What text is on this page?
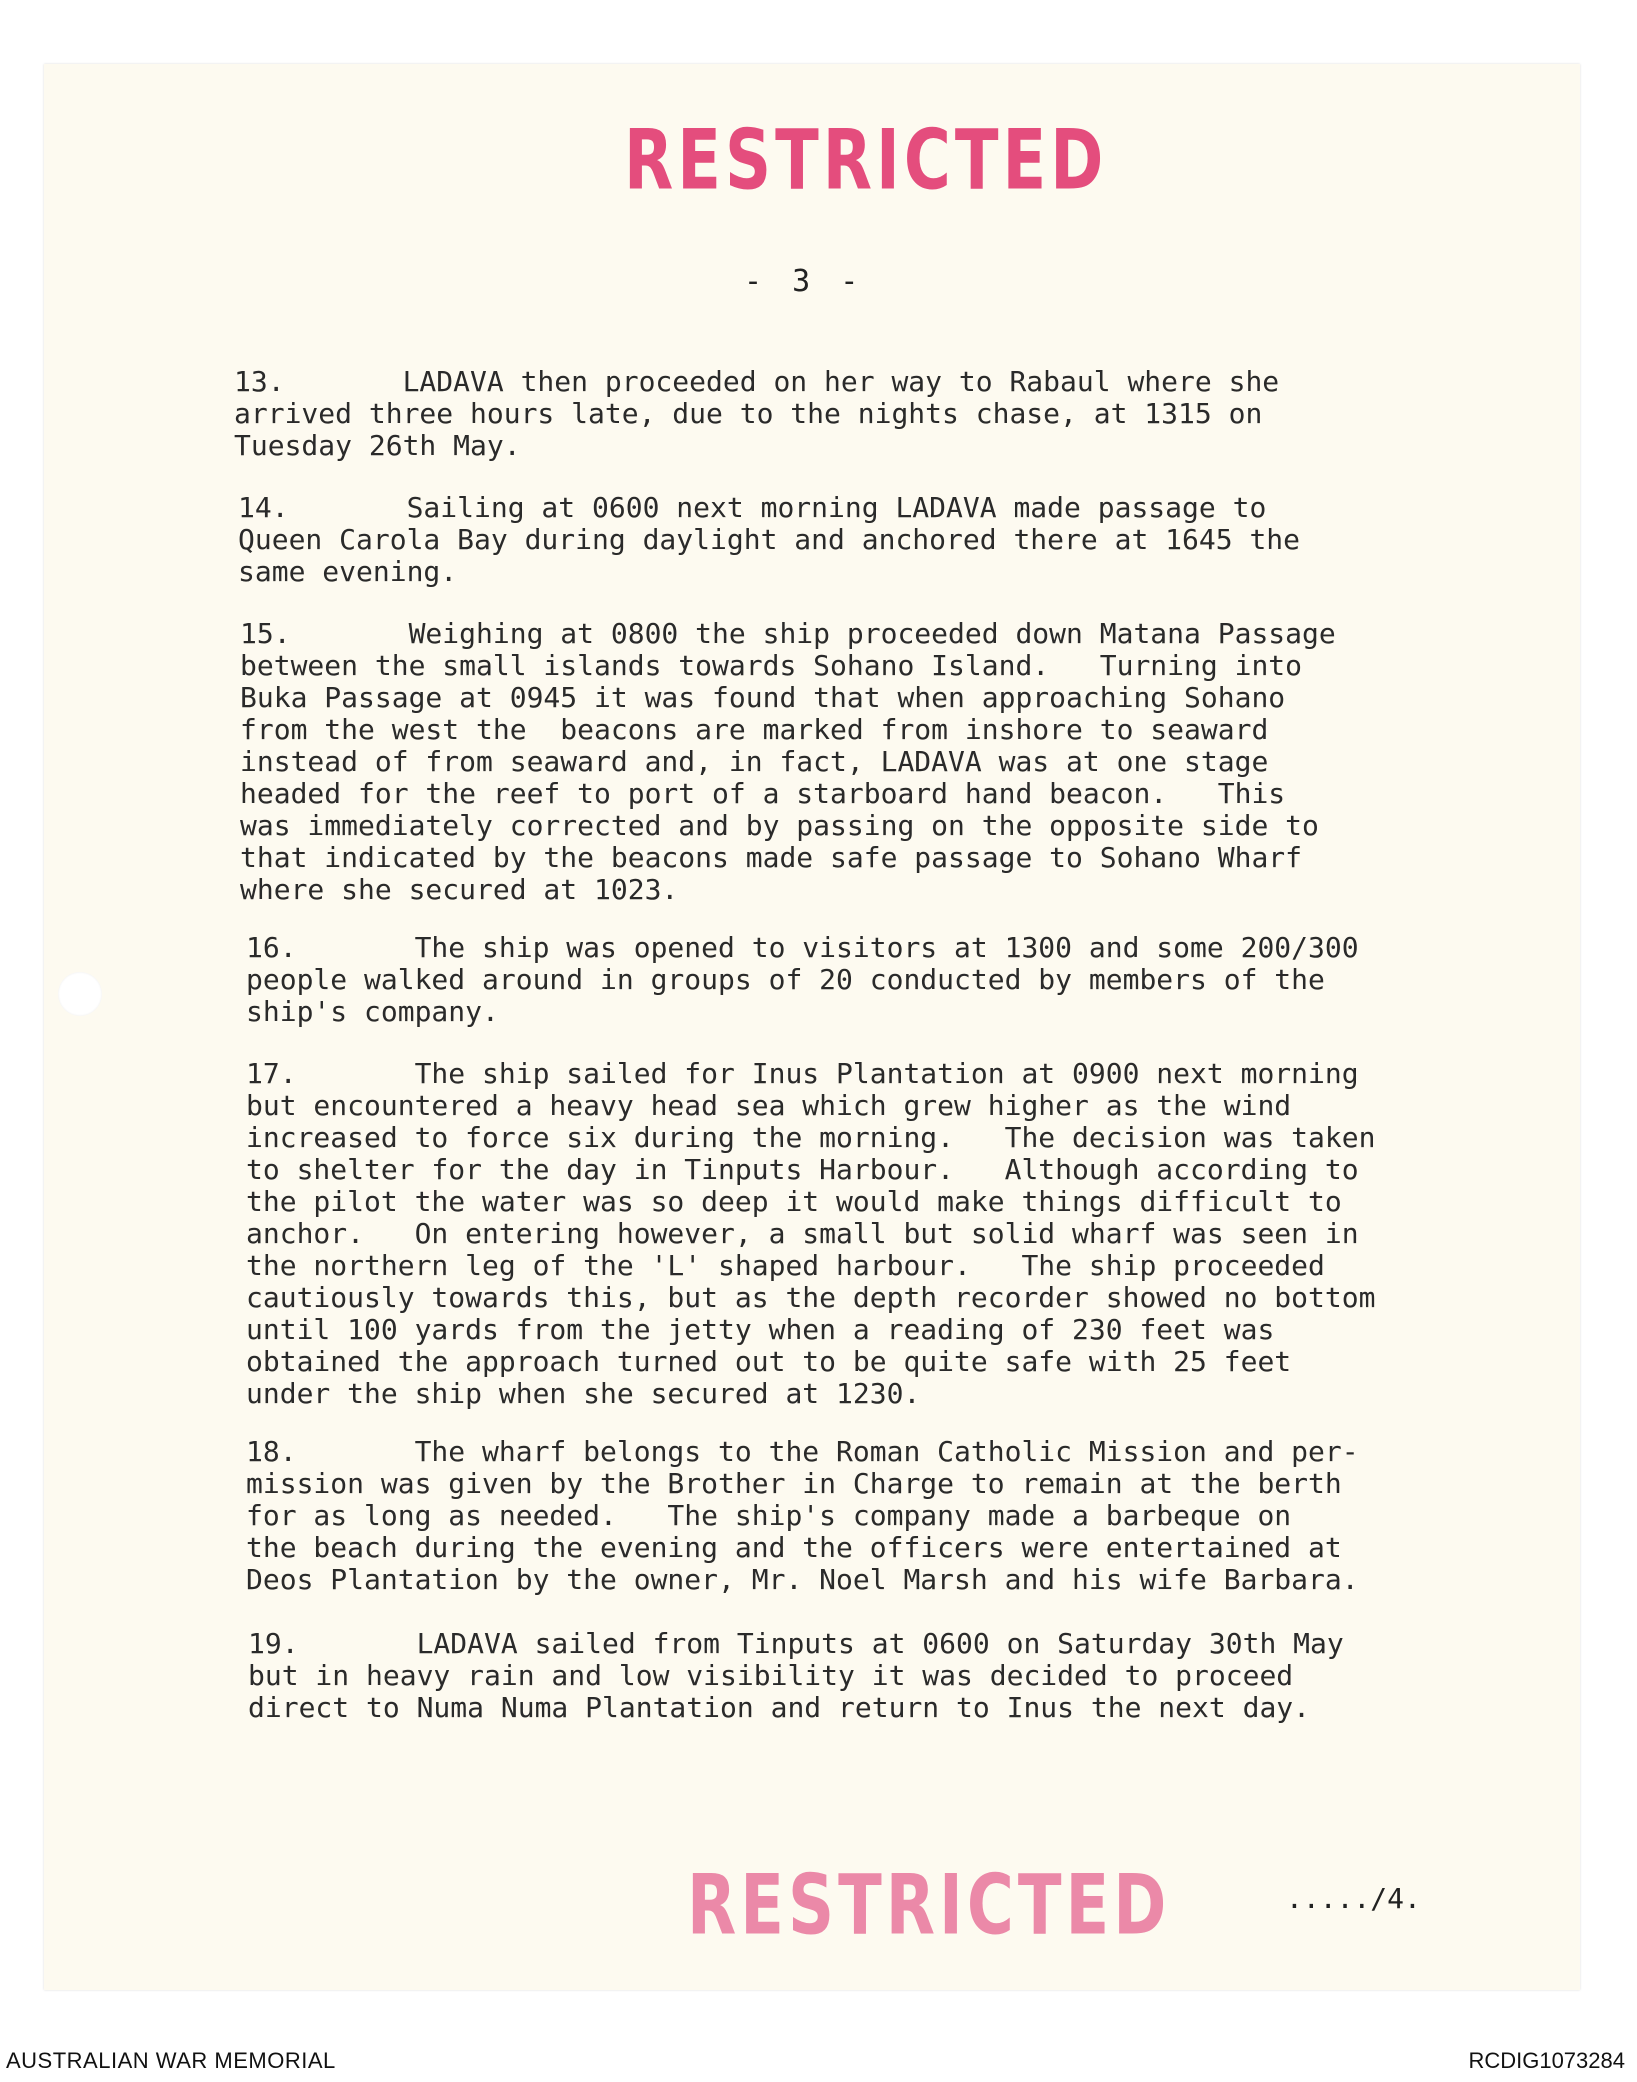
RESTRICTED
- 3 -

13.       LADAVA then proceeded on her way to Rabaul where she
arrived three hours late, due to the nights chase, at 1315 on
Tuesday 26th May.

14.       Sailing at 0600 next morning LADAVA made passage to
Queen Carola Bay during daylight and anchored there at 1645 the
same evening.

15.       Weighing at 0800 the ship proceeded down Matana Passage
between the small islands towards Sohano Island.   Turning into
Buka Passage at 0945 it was found that when approaching Sohano
from the west the  beacons are marked from inshore to seaward
instead of from seaward and, in fact, LADAVA was at one stage
headed for the reef to port of a starboard hand beacon.   This
was immediately corrected and by passing on the opposite side to
that indicated by the beacons made safe passage to Sohano Wharf
where she secured at 1023.

16.       The ship was opened to visitors at 1300 and some 200/300
people walked around in groups of 20 conducted by members of the
ship's company.

17.       The ship sailed for Inus Plantation at 0900 next morning
but encountered a heavy head sea which grew higher as the wind
increased to force six during the morning.   The decision was taken
to shelter for the day in Tinputs Harbour.   Although according to
the pilot the water was so deep it would make things difficult to
anchor.   On entering however, a small but solid wharf was seen in
the northern leg of the 'L' shaped harbour.   The ship proceeded
cautiously towards this, but as the depth recorder showed no bottom
until 100 yards from the jetty when a reading of 230 feet was
obtained the approach turned out to be quite safe with 25 feet
under the ship when she secured at 1230.

18.       The wharf belongs to the Roman Catholic Mission and per-
mission was given by the Brother in Charge to remain at the berth
for as long as needed.   The ship's company made a barbeque on
the beach during the evening and the officers were entertained at
Deos Plantation by the owner, Mr. Noel Marsh and his wife Barbara.

19.       LADAVA sailed from Tinputs at 0600 on Saturday 30th May
but in heavy rain and low visibility it was decided to proceed
direct to Numa Numa Plantation and return to Inus the next day.

RESTRICTED	...../4.
AUSTRALIAN WAR MEMORIAL	RCDIG1073284
